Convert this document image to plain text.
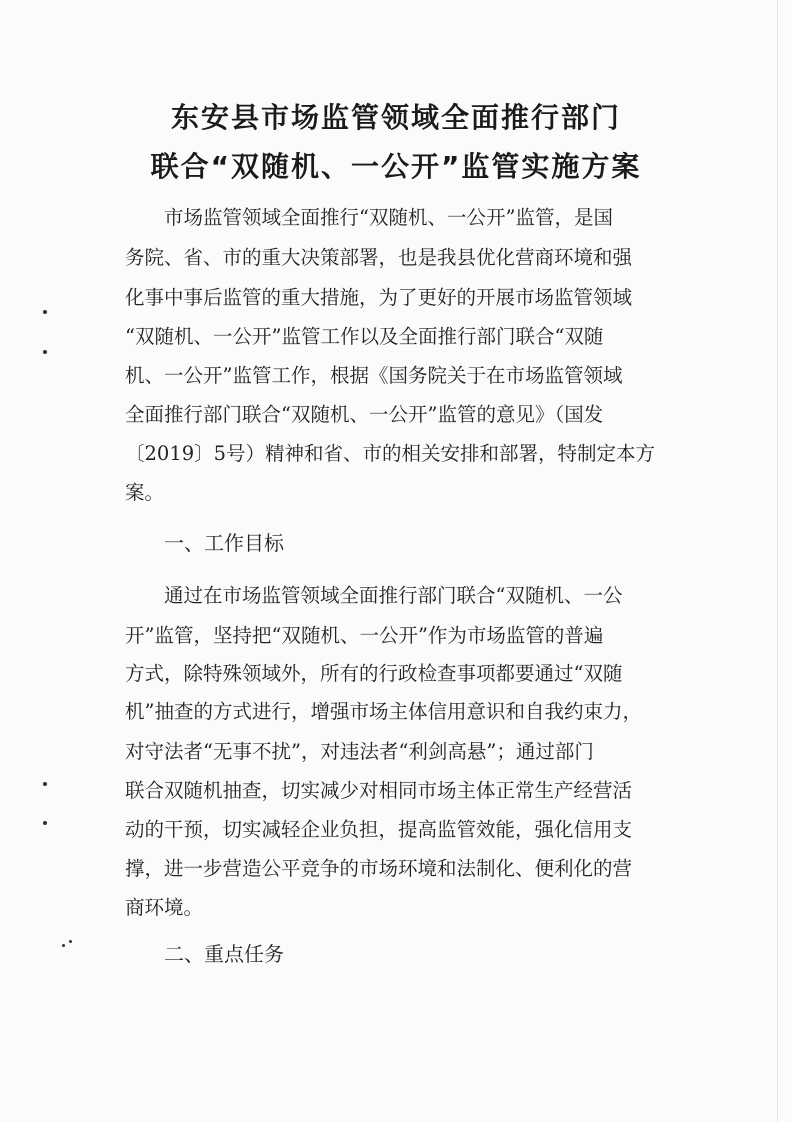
东安县市场监管领域全面推行部门
联合“双随机、一公开”监管实施方案
市场监管领域全面推行“双随机、一公开”监管，是国
务院、省、市的重大决策部署，也是我县优化营商环境和强
化事中事后监管的重大措施，为了更好的开展市场监管领域
“双随机、一公开”监管工作以及全面推行部门联合“双随
机、一公开”监管工作，根据《国务院关于在市场监管领域
全面推行部门联合“双随机、一公开”监管的意见》（国发
〔2019〕5号）精神和省、市的相关安排和部署，特制定本方
案。
一、工作目标
通过在市场监管领域全面推行部门联合“双随机、一公
开”监管，坚持把“双随机、一公开”作为市场监管的普遍
方式，除特殊领域外，所有的行政检查事项都要通过“双随
机”抽查的方式进行，增强市场主体信用意识和自我约束力，
对守法者“无事不扰”，对违法者“利剑高悬”；通过部门
联合双随机抽查，切实减少对相同市场主体正常生产经营活
动的干预，切实减轻企业负担，提高监管效能，强化信用支
撑，进一步营造公平竞争的市场环境和法制化、便利化的营
商环境。
二、重点任务
